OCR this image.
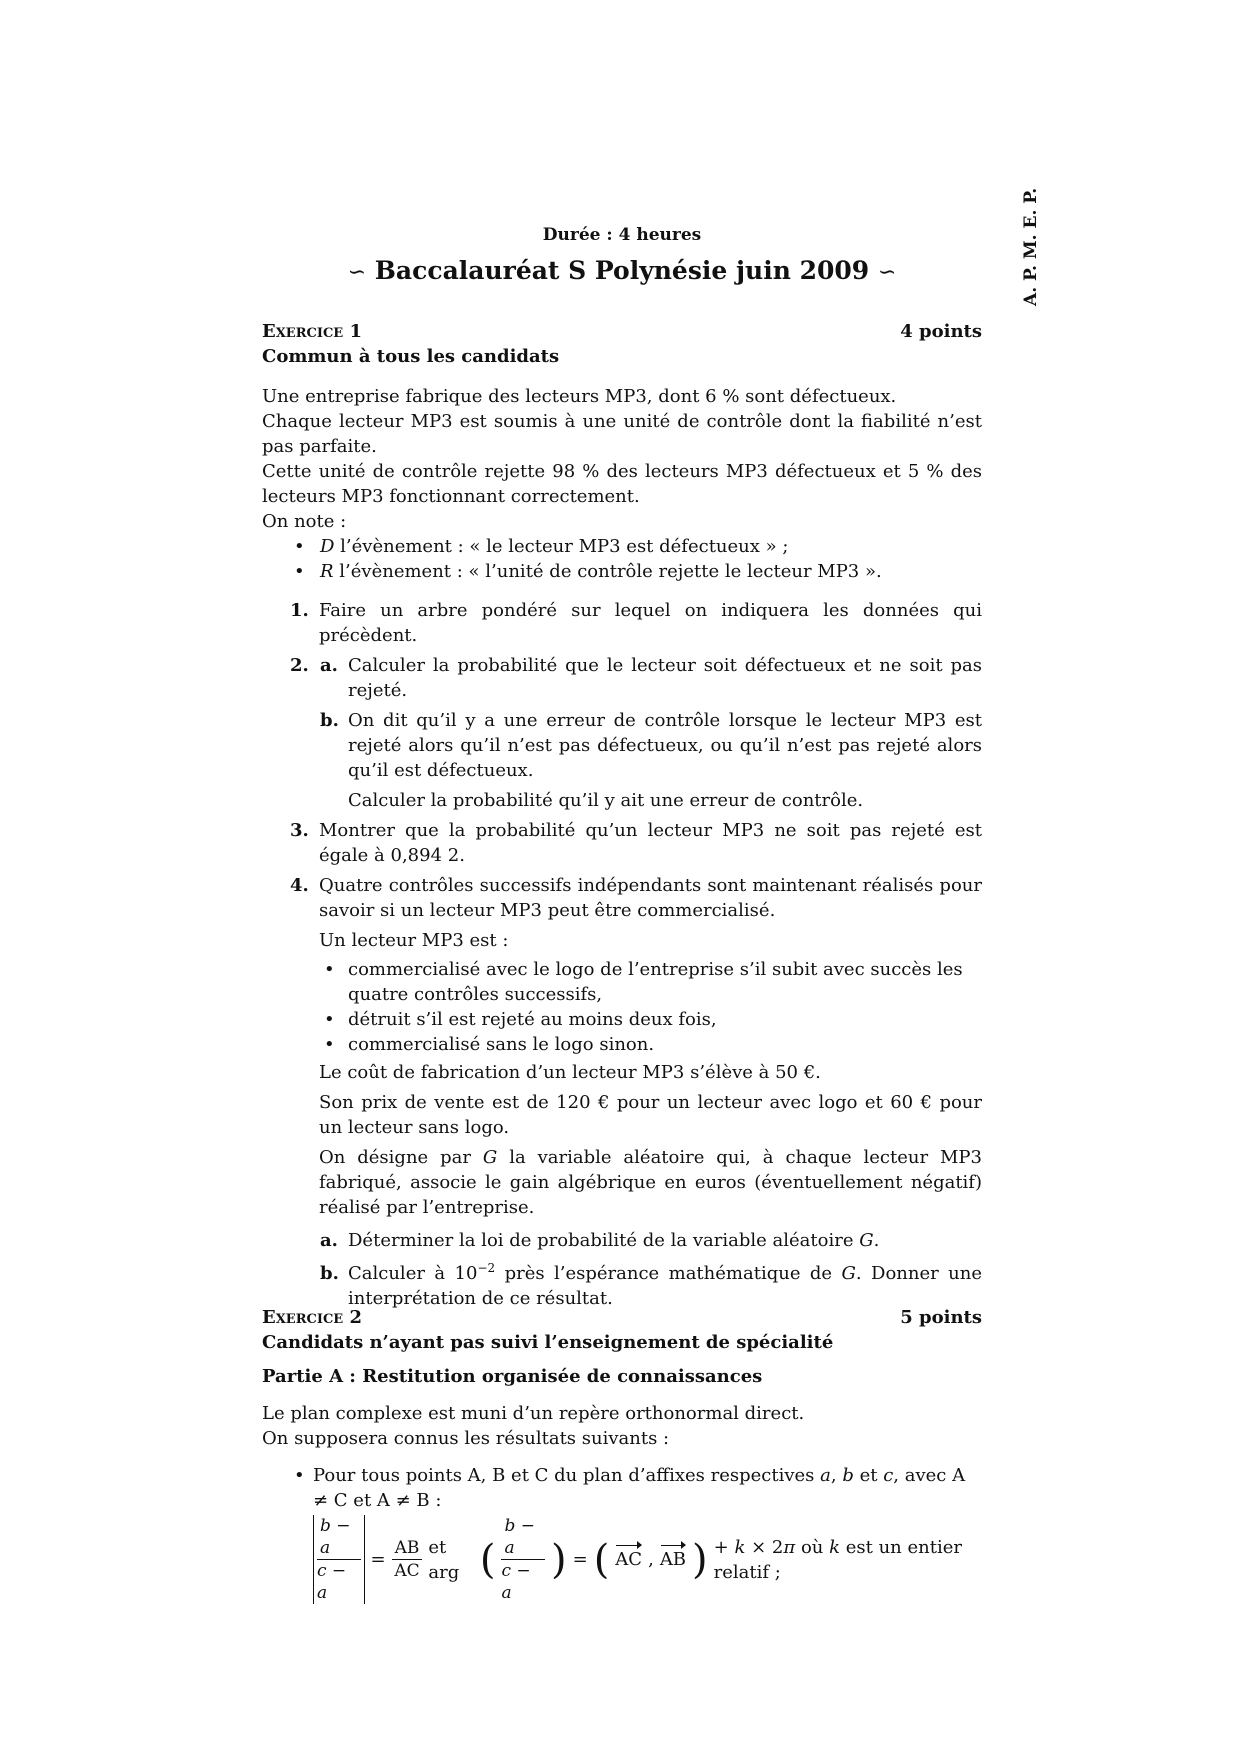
A. P. M. E. P.
Durée : 4 heures
∽ Baccalauréat S Polynésie juin 2009 ∽
Exercice 1	4 points

Commun à tous les candidats

Une entreprise fabrique des lecteurs MP3, dont 6 % sont défectueux.

Chaque lecteur MP3 est soumis à une unité de contrôle dont la fiabilité n’est pas parfaite.

Cette unité de contrôle rejette 98 % des lecteurs MP3 défectueux et 5 % des lecteurs MP3 fonctionnant correctement.

On note :

• D l’évènement : « le lecteur MP3 est défectueux » ;
• R l’évènement : « l’unité de contrôle rejette le lecteur MP3 ».
1. Faire un arbre pondéré sur lequel on indiquera les données qui précèdent.
2. a. Calculer la probabilité que le lecteur soit défectueux et ne soit pas rejeté.
b. On dit qu’il y a une erreur de contrôle lorsque le lecteur MP3 est rejeté alors qu’il n’est pas défectueux, ou qu’il n’est pas rejeté alors qu’il est défectueux.
Calculer la probabilité qu’il y ait une erreur de contrôle.
3. Montrer que la probabilité qu’un lecteur MP3 ne soit pas rejeté est égale à 0,894 2.
4. Quatre contrôles successifs indépendants sont maintenant réalisés pour savoir si un lecteur MP3 peut être commercialisé.
Un lecteur MP3 est :
• commercialisé avec le logo de l’entreprise s’il subit avec succès les quatre contrôles successifs,
• détruit s’il est rejeté au moins deux fois,
• commercialisé sans le logo sinon.
Le coût de fabrication d’un lecteur MP3 s’élève à 50 €.
Son prix de vente est de 120 € pour un lecteur avec logo et 60 € pour un lecteur sans logo.
On désigne par G la variable aléatoire qui, à chaque lecteur MP3 fabriqué, associe le gain algébrique en euros (éventuellement négatif) réalisé par l’entreprise.
a. Déterminer la loi de probabilité de la variable aléatoire G.
b. Calculer à $10^{-2}$ près l’espérance mathématique de G. Donner une interprétation de ce résultat.
Exercice 2	5 points

Candidats n’ayant pas suivi l’enseignement de spécialité

Partie A : Restitution organisée de connaissances

Le plan complexe est muni d’un repère orthonormal direct.

On supposera connus les résultats suivants :

• Pour tous points A, B et C du plan d’affixes respectives a, b et c, avec A ≠ C et A ≠ B :
$\frac{b - a}{c - a} = \frac{AB}{AC}$ et arg ( $\frac{b - a}{c - a}$ ) = ( AC , AB ) + k × 2π où k est un entier relatif ;
